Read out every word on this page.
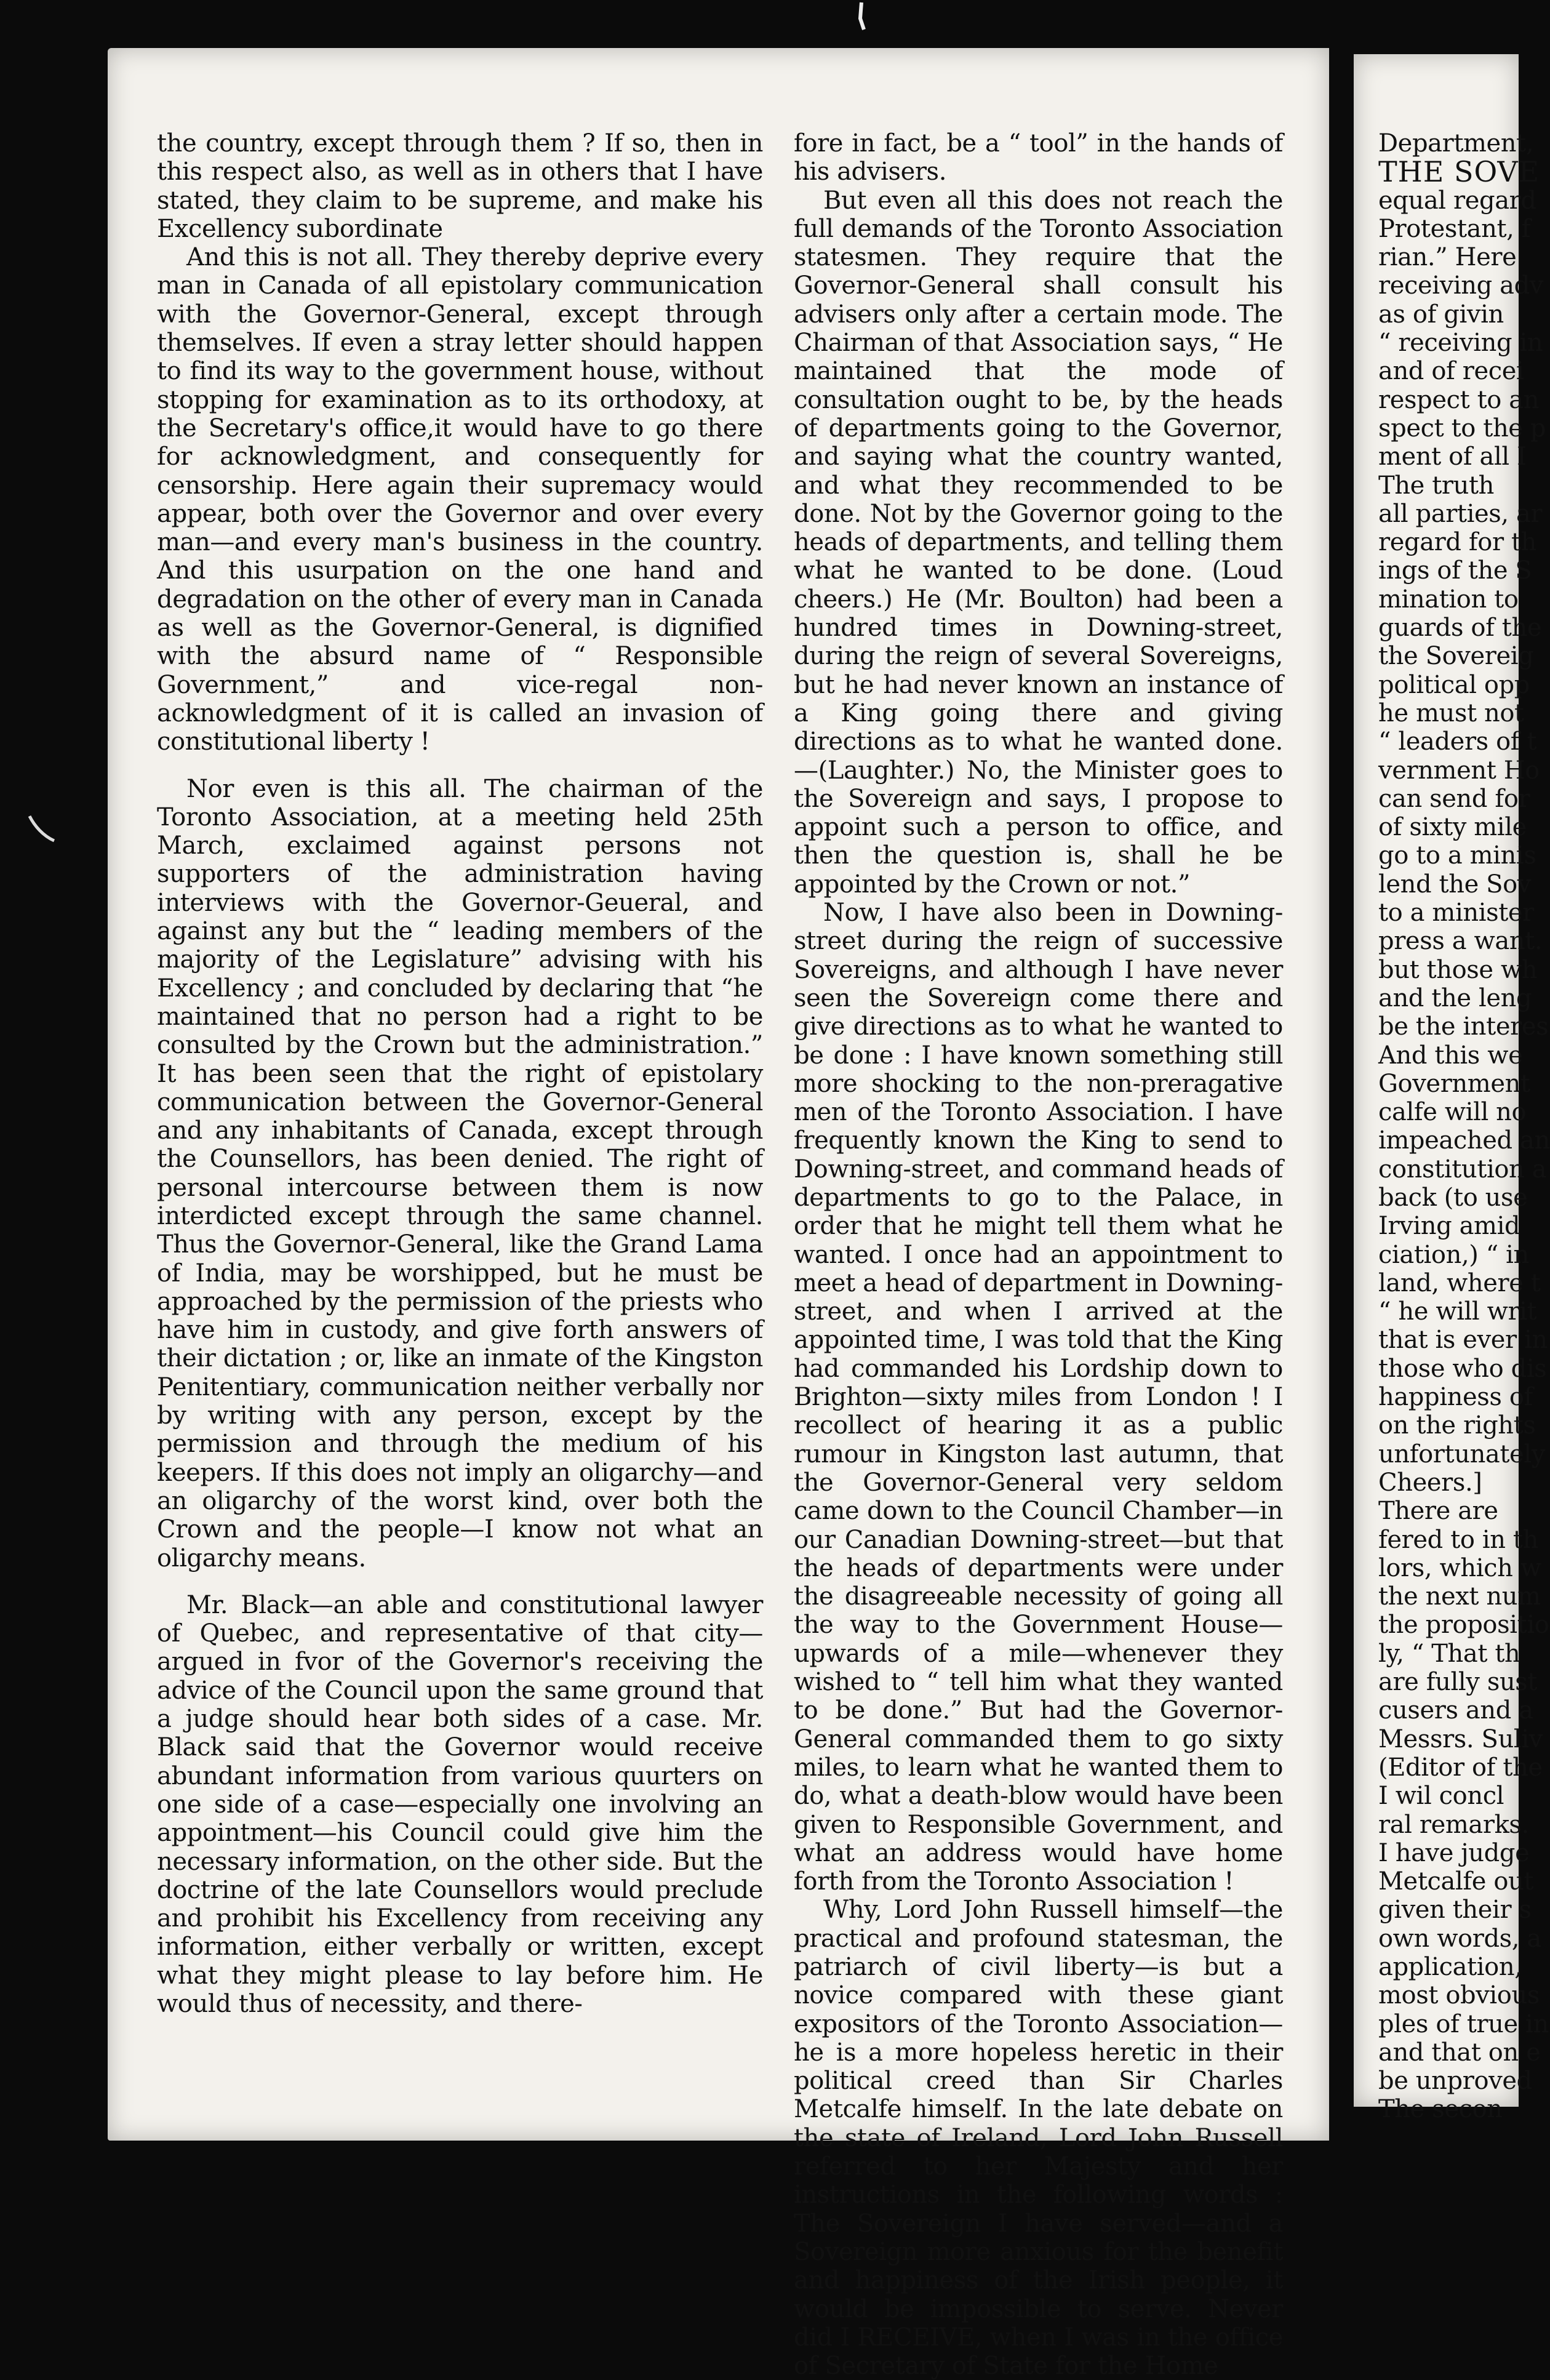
the country, except through them ? If so, then in this respect also, as well as in others that I have stated, they claim to be supreme, and make his Excellency subordinate

And this is not all. They thereby deprive every man in Canada of all epistolary communication with the Governor-General, except through themselves. If even a stray letter should happen to find its way to the government house, without stopping for examination as to its orthodoxy, at the Secretary's office,it would have to go there for acknowledgment, and consequently for censorship. Here again their supremacy would appear, both over the Governor and over every man—and every man's business in the country. And this usurpation on the one hand and degradation on the other of every man in Canada as well as the Governor-General, is dignified with the absurd name of “ Responsible Government,” and vice-regal non-acknowledgment of it is called an invasion of constitutional liberty !

Nor even is this all. The chairman of the Toronto Association, at a meeting held 25th March, exclaimed against persons not supporters of the administration having interviews with the Governor-Geueral, and against any but the “ leading members of the majority of the Legislature” advising with his Excellency ; and concluded by declaring that “he maintained that no person had a right to be consulted by the Crown but the administration.” It has been seen that the right of epistolary communication between the Governor-General and any inhabitants of Canada, except through the Counsellors, has been denied. The right of personal intercourse between them is now interdicted except through the same channel. Thus the Governor-General, like the Grand Lama of India, may be worshipped, but he must be approached by the permission of the priests who have him in custody, and give forth answers of their dictation ; or, like an inmate of the Kingston Penitentiary, communication neither verbally nor by writing with any person, except by the permission and through the medium of his keepers. If this does not imply an oligarchy—and an oligarchy of the worst kind, over both the Crown and the people—I know not what an oligarchy means.

Mr. Black—an able and constitutional lawyer of Quebec, and representative of that city—argued in fvor of the Governor's receiving the advice of the Council upon the same ground that a judge should hear both sides of a case. Mr. Black said that the Governor would receive abundant information from various quurters on one side of a case—especially one involving an appointment—his Council could give him the necessary information, on the other side. But the doctrine of the late Counsellors would preclude and prohibit his Excellency from receiving any information, either verbally or written, except what they might please to lay before him. He would thus of necessity, and there-

fore in fact, be a “ tool” in the hands of his advisers.

But even all this does not reach the full demands of the Toronto Association statesmen. They require that the Governor-General shall consult his advisers only after a certain mode. The Chairman of that Association says, “ He maintained that the mode of consultation ought to be, by the heads of departments going to the Governor, and saying what the country wanted, and what they recommended to be done. Not by the Governor going to the heads of departments, and telling them what he wanted to be done. (Loud cheers.) He (Mr. Boulton) had been a hundred times in Downing-street, during the reign of several Sovereigns, but he had never known an instance of a King going there and giving directions as to what he wanted done.—(Laughter.) No, the Minister goes to the Sovereign and says, I propose to appoint such a person to office, and then the question is, shall he be appointed by the Crown or not.”

Now, I have also been in Downing-street during the reign of successive Sovereigns, and although I have never seen the Sovereign come there and give directions as to what he wanted to be done : I have known something still more shocking to the non-preragative men of the Toronto Association. I have frequently known the King to send to Downing-street, and command heads of departments to go to the Palace, in order that he might tell them what he wanted. I once had an appointment to meet a head of department in Downing-street, and when I arrived at the appointed time, I was told that the King had commanded his Lordship down to Brighton—sixty miles from London ! I recollect of hearing it as a public rumour in Kingston last autumn, that the Governor-General very seldom came down to the Council Chamber—in our Canadian Downing-street—but that the heads of departments were under the disagreeable necessity of going all the way to the Government House—upwards of a mile—whenever they wished to “ tell him what they wanted to be done.” But had the Governor-General commanded them to go sixty miles, to learn what he wanted them to do, what a death-blow would have been given to Responsible Government, and what an address would have home forth from the Toronto Association !

Why, Lord John Russell himself—the practical and profound statesman, the patriarch of civil liberty—is but a novice compared with these giant expositors of the Toronto Association—he is a more hopeless heretic in their political creed than Sir Charles Metcalfe himself. In the late debate on the state of Ireland, Lord John Russell referred to her Majesty and her instructions in the following words : The Sovereign I have served—and a Sovereign more anxious for the benefit and happiness of the Irish people, it would be impossible to serve. Never did I RECEIVE, when I was in the office of Secretary of State for the Home

Department,
THE SOVE
equal regard
Protestant, f
rian.” Here
receiving adv
as of givin
“ receiving in
and of recei
respect to an
spect to the p
ment of all I
The truth
all parties, ar
regard for th
ings of the S
mination to
guards of the
the Sovereig
political opp
he must not
“ leaders of t
vernment Ho
can send for
of sixty mile
go to a minis
lend the Sov
to a minister
press a want.
but those wh
and the leng
be the interes
And this we
Government
calfe will no
impeached an
constitution a
back (to use
Irving amid
ciation,) “ in
land, where t
“ he will writ
that is ever in
those who dis
happiness of
on the rights
unfortunately
Cheers.]
There are
fered to in th
lors, which w
the next num
the propositio
ly, “ That th
are fully sust
cusers and a
Messrs. Suliv
(Editor of the
I wil concl
ral remarks.
I have judge
Metcalfe out
given their s
own words, a
application,
most obvious
ples of true in
and that on e
be unproved
The secon
